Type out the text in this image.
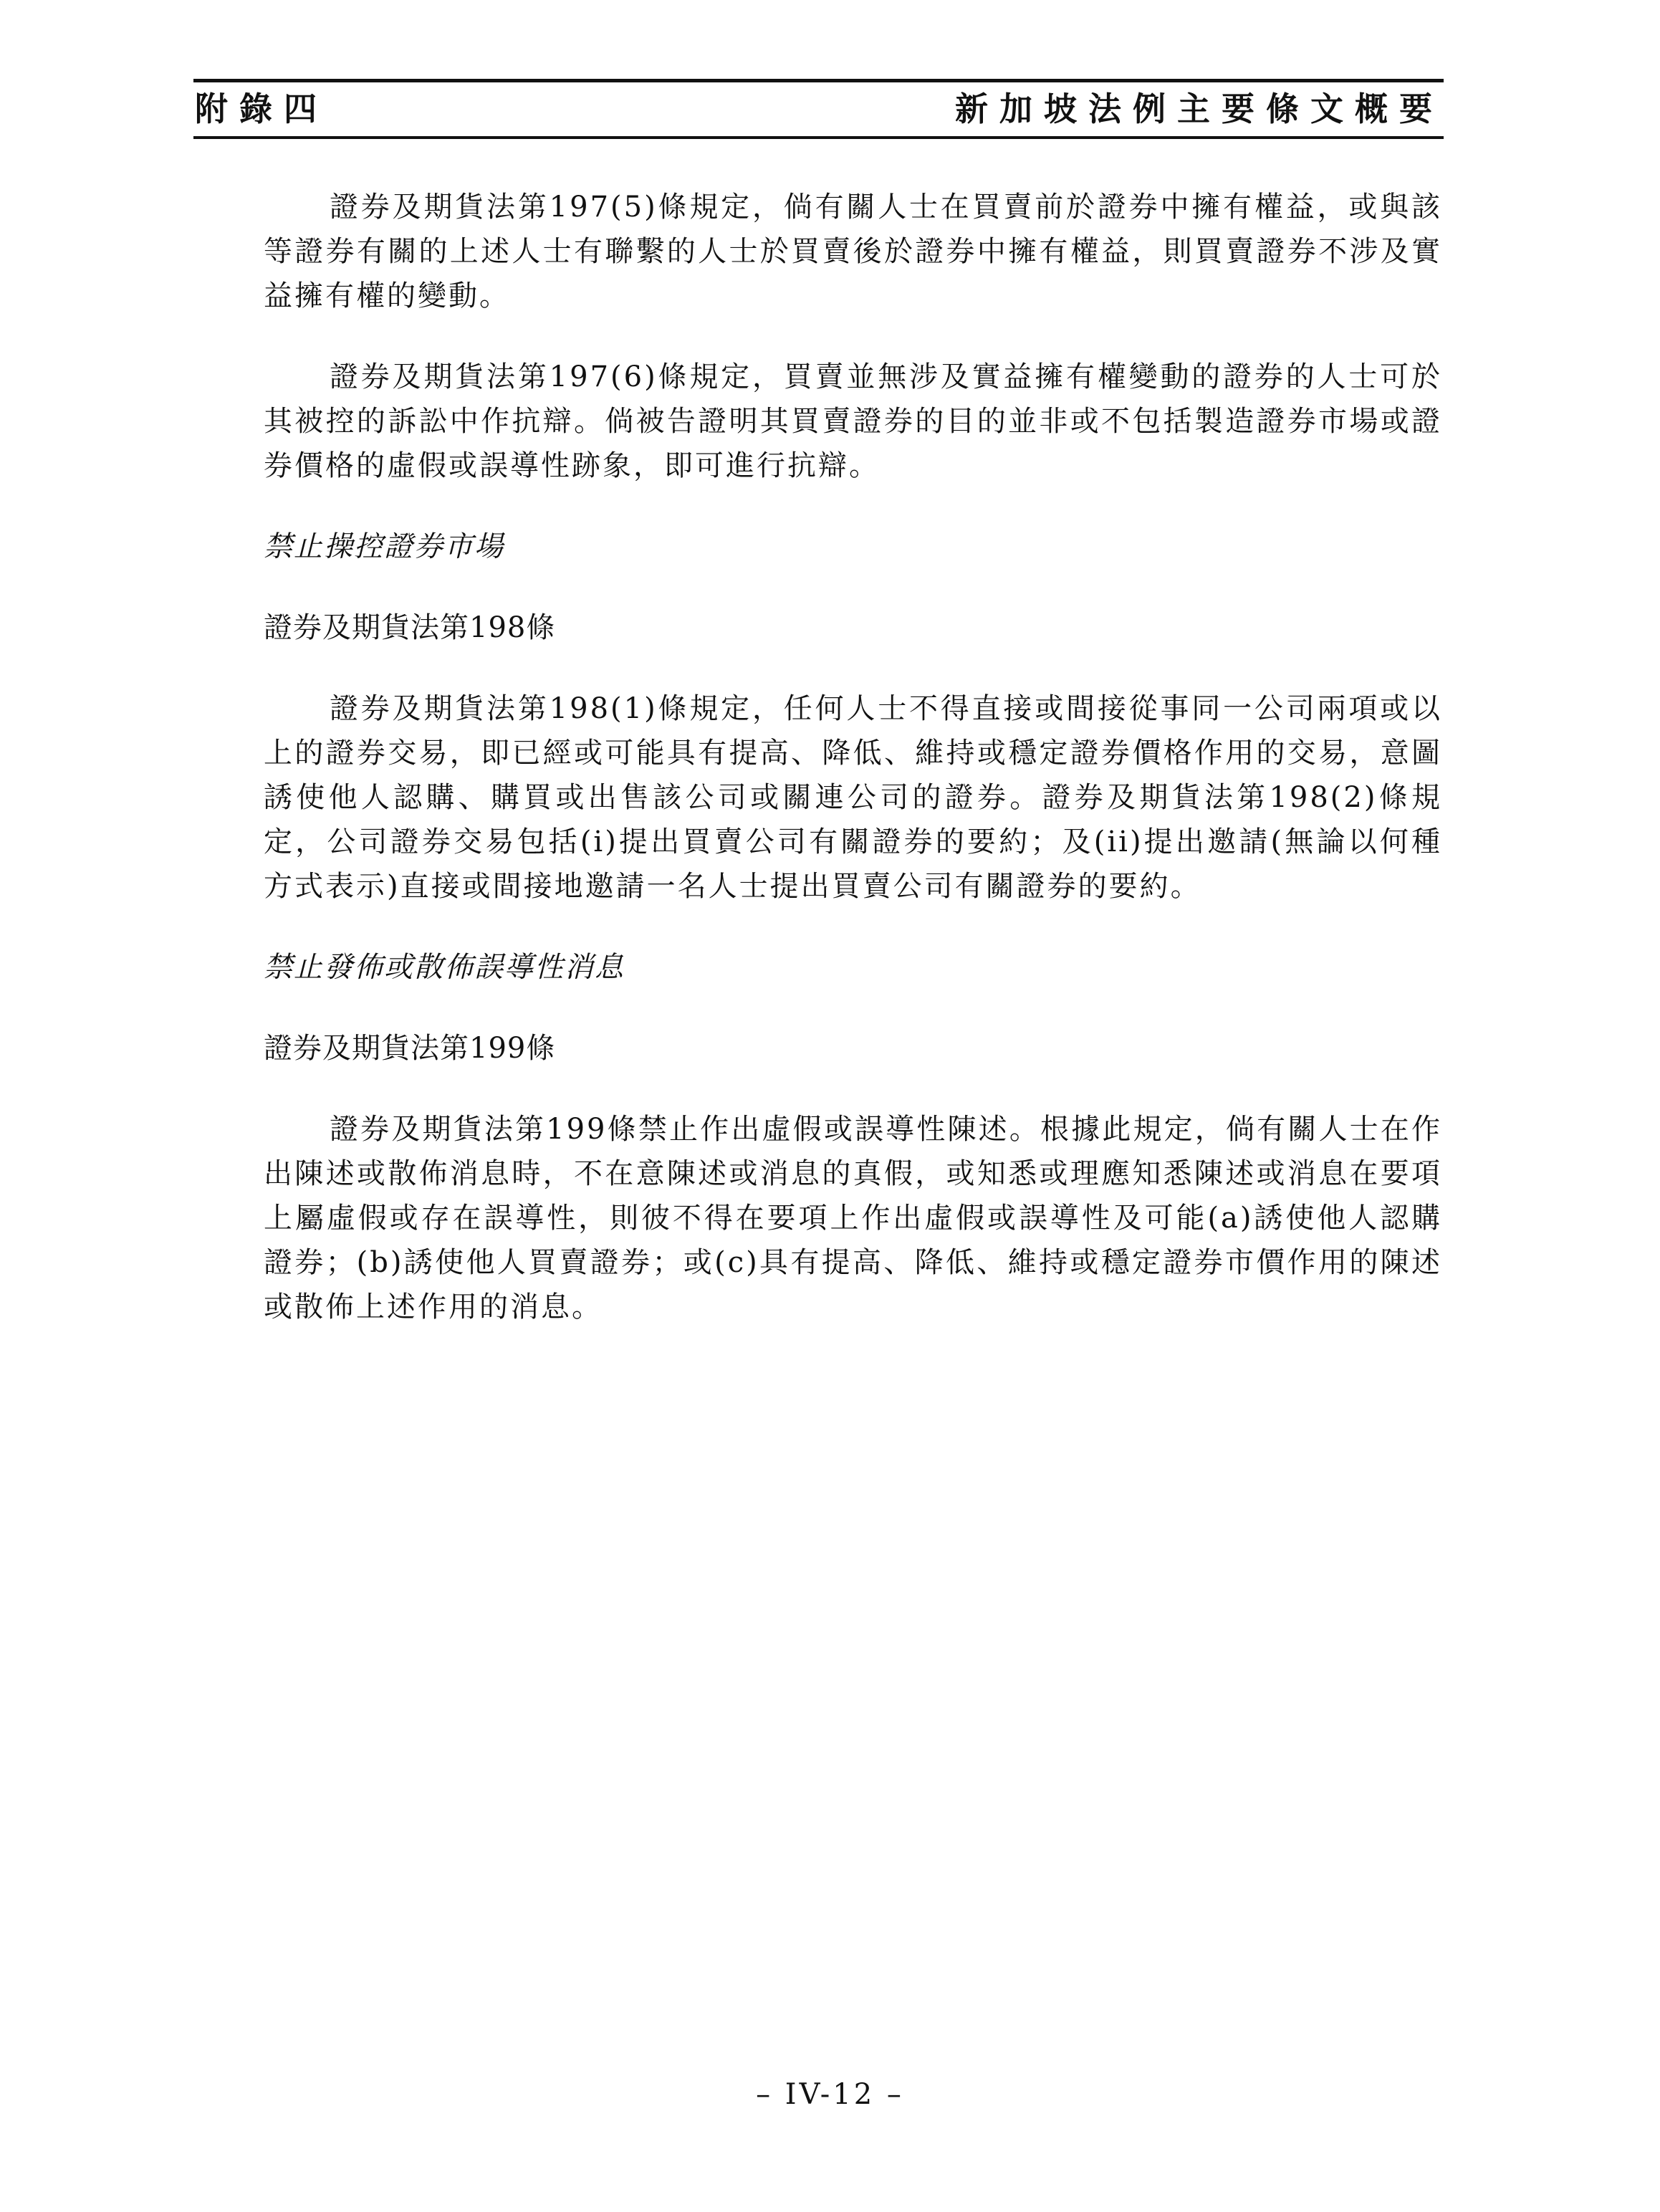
附錄四	新加坡法例主要條文概要

證券及期貨法第197(5)條規定，倘有關人士在買賣前於證券中擁有權益，或與該等證券有關的上述人士有聯繫的人士於買賣後於證券中擁有權益，則買賣證券不涉及實益擁有權的變動。

證券及期貨法第197(6)條規定，買賣並無涉及實益擁有權變動的證券的人士可於其被控的訴訟中作抗辯。倘被告證明其買賣證券的目的並非或不包括製造證券市場或證券價格的虛假或誤導性跡象，即可進行抗辯。

禁止操控證券市場

證券及期貨法第198條

證券及期貨法第198(1)條規定，任何人士不得直接或間接從事同一公司兩項或以上的證券交易，即已經或可能具有提高、降低、維持或穩定證券價格作用的交易，意圖誘使他人認購、購買或出售該公司或關連公司的證券。證券及期貨法第198(2)條規定，公司證券交易包括(i)提出買賣公司有關證券的要約；及(ii)提出邀請(無論以何種方式表示)直接或間接地邀請一名人士提出買賣公司有關證券的要約。

禁止發佈或散佈誤導性消息

證券及期貨法第199條

證券及期貨法第199條禁止作出虛假或誤導性陳述。根據此規定，倘有關人士在作出陳述或散佈消息時，不在意陳述或消息的真假，或知悉或理應知悉陳述或消息在要項上屬虛假或存在誤導性，則彼不得在要項上作出虛假或誤導性及可能(a)誘使他人認購證券；(b)誘使他人買賣證券；或(c)具有提高、降低、維持或穩定證券市價作用的陳述或散佈上述作用的消息。

– IV-12 –
